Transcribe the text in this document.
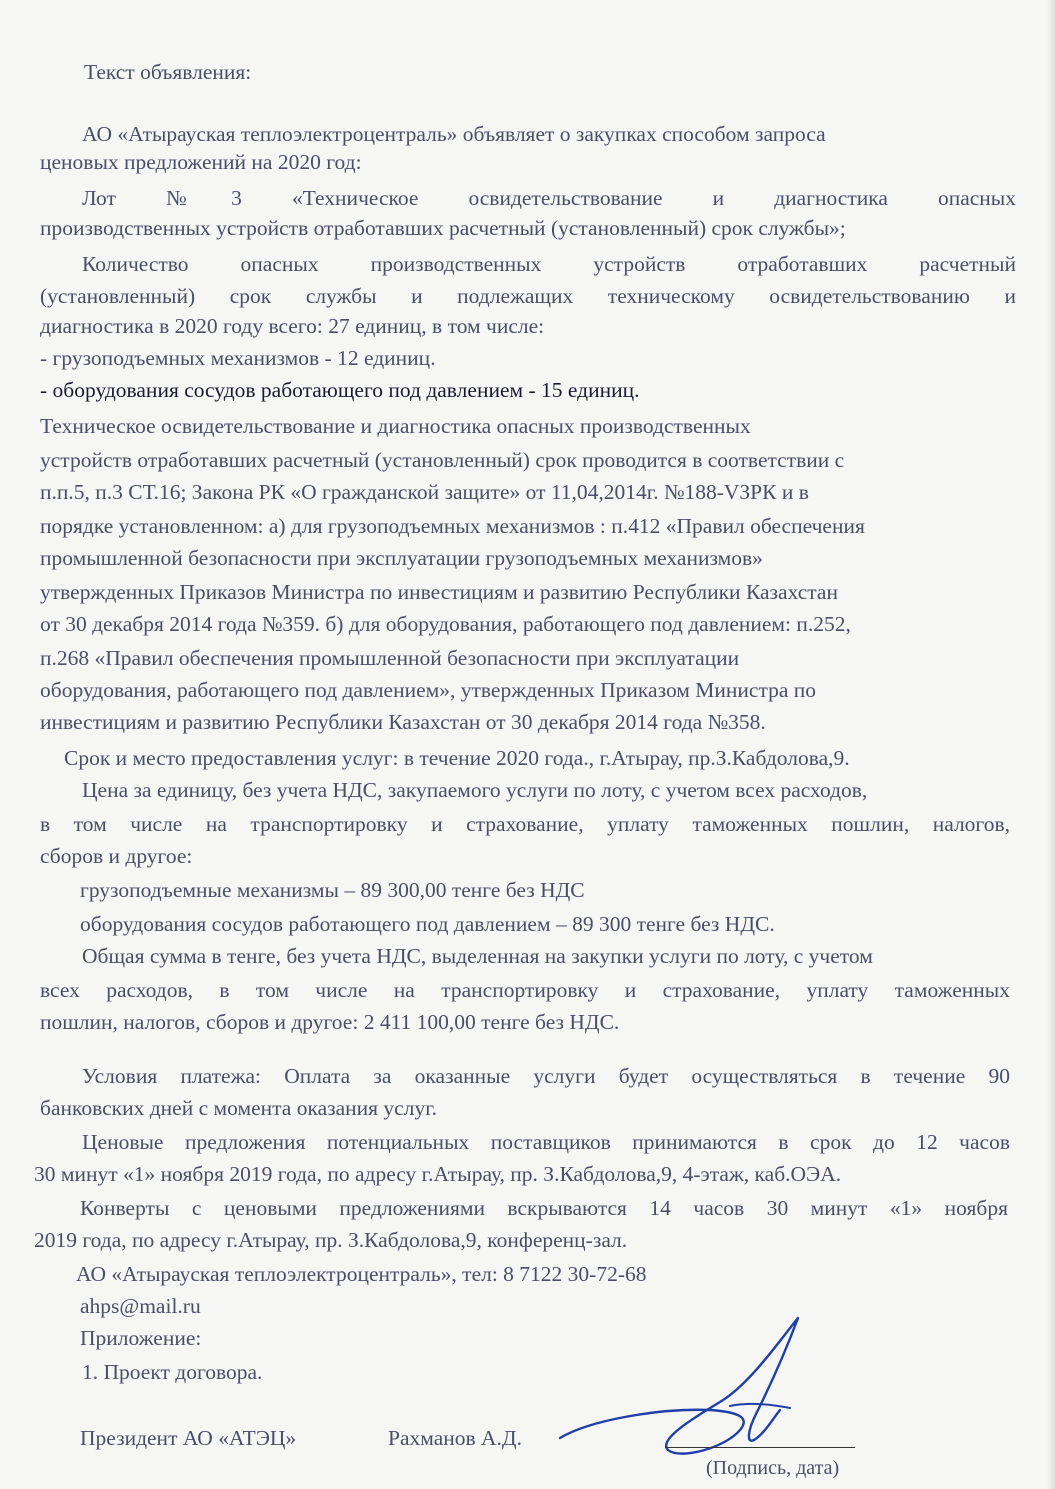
Текст объявления:
АО «Атырауская теплоэлектроцентраль» объявляет о закупках способом запроса
ценовых предложений на 2020 год:
Лот №3 «Техническое освидетельствование и диагностика опасных
производственных устройств отработавших расчетный (установленный) срок службы»;
Количество опасных производственных устройств отработавших расчетный
(установленный) срок службы и подлежащих техническому освидетельствованию и
диагностика в 2020 году всего: 27 единиц, в том числе:
- грузоподъемных механизмов - 12 единиц.
- оборудования сосудов работающего под давлением - 15 единиц.
Техническое освидетельствование и диагностика опасных производственных
устройств отработавших расчетный (установленный) срок проводится в соответствии с
п.п.5, п.3 СТ.16; Закона РК «О гражданской защите» от 11,04,2014г. №188-VЗРК и в
порядке установленном: а) для грузоподъемных механизмов : п.412 «Правил обеспечения
промышленной безопасности при эксплуатации грузоподъемных механизмов»
утвержденных Приказов Министра по инвестициям и развитию Республики Казахстан
от 30 декабря 2014 года №359. б) для оборудования, работающего под давлением: п.252,
п.268 «Правил обеспечения промышленной безопасности при эксплуатации
оборудования, работающего под давлением», утвержденных Приказом Министра по
инвестициям и развитию Республики Казахстан от 30 декабря 2014 года №358.
Срок и место предоставления услуг: в течение 2020 года., г.Атырау, пр.З.Кабдолова,9.
Цена за единицу, без учета НДС, закупаемого услуги по лоту, с учетом всех расходов,
в том числе на транспортировку и страхование, уплату таможенных пошлин, налогов,
сборов и другое:
грузоподъемные механизмы – 89 300,00 тенге без НДС
оборудования сосудов работающего под давлением – 89 300 тенге без НДС.
Общая сумма в тенге, без учета НДС, выделенная на закупки услуги по лоту, с учетом
всех расходов, в том числе на транспортировку и страхование, уплату таможенных
пошлин, налогов, сборов и другое: 2 411 100,00 тенге без НДС.
Условия платежа: Оплата за оказанные услуги будет осуществляться в течение 90
банковских дней с момента оказания услуг.
Ценовые предложения потенциальных поставщиков принимаются в срок до 12 часов
30 минут «1» ноября 2019 года, по адресу г.Атырау, пр. З.Кабдолова,9, 4-этаж, каб.ОЭА.
Конверты с ценовыми предложениями вскрываются 14 часов 30 минут «1» ноября
2019 года, по адресу г.Атырау, пр. З.Кабдолова,9, конференц-зал.
АО «Атырауская теплоэлектроцентраль», тел: 8 7122 30-72-68
ahps@mail.ru
Приложение:
1. Проект договора.
Президент АО «АТЭЦ»	Рахманов А.Д.
(Подпись, дата)
